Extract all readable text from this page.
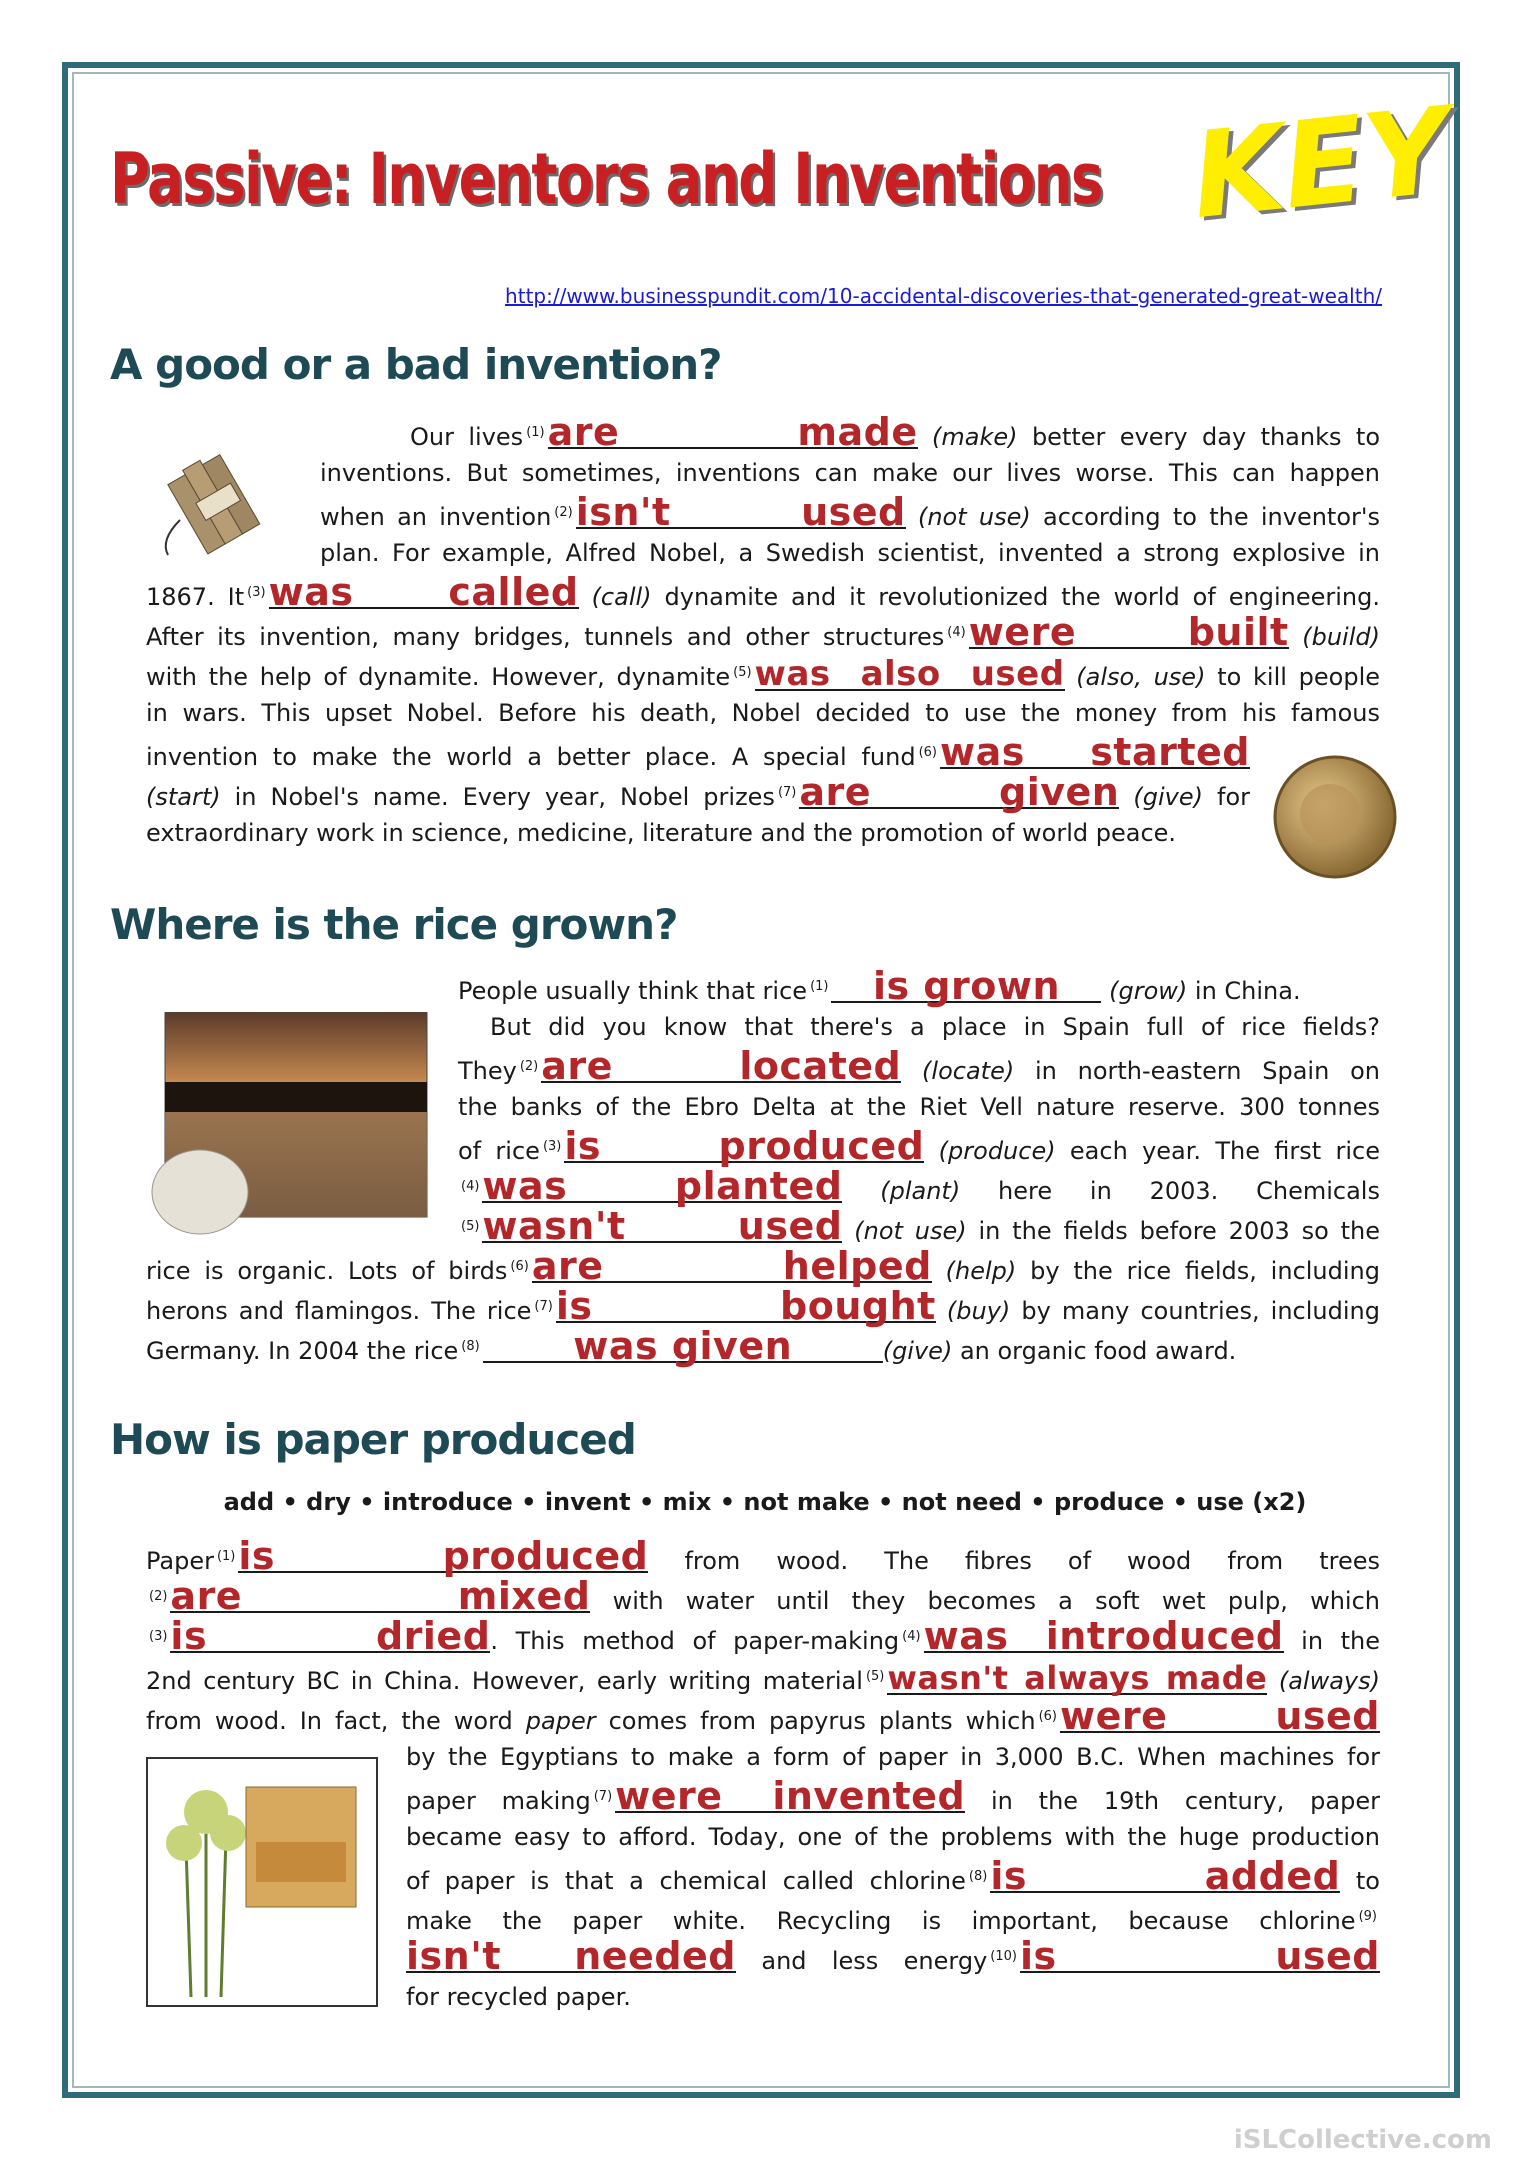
Passive: Inventors and Inventions KEY
http://www.businesspundit.com/10-accidental-discoveries-that-generated-great-wealth/
A good or a bad invention?
Our lives $^{(1)}$are made (make) better every day thanks to
inventions. But sometimes, inventions can make our lives worse. This can happen
when an invention $^{(2)}$isn't used (not use) according to the inventor's
plan. For example, Alfred Nobel, a Swedish scientist, invented a strong explosive in
1867. It $^{(3)}$was called (call) dynamite and it revolutionized the world of engineering.
After its invention, many bridges, tunnels and other structures $^{(4)}$were built (build)
with the help of dynamite. However, dynamite $^{(5)}$was also used (also, use) to kill people
in wars. This upset Nobel. Before his death, Nobel decided to use the money from his famous
invention to make the world a better place. A special fund $^{(6)}$was started
(start) in Nobel's name. Every year, Nobel prizes $^{(7)}$are given (give) for
extraordinary work in science, medicine, literature and the promotion of world peace.
Where is the rice grown?
People usually think that rice $^{(1)}$ is grown (grow) in China.
But did you know that there's a place in Spain full of rice fields?
They $^{(2)}$are located (locate) in north-eastern Spain on
the banks of the Ebro Delta at the Riet Vell nature reserve. 300 tonnes
of rice $^{(3)}$is produced (produce) each year. The first rice
$^{(4)}$was planted (plant) here in 2003. Chemicals
$^{(5)}$wasn't used (not use) in the fields before 2003 so the
rice is organic. Lots of birds $^{(6)}$are helped (help) by the rice fields, including
herons and flamingos. The rice $^{(7)}$is bought (buy) by many countries, including
Germany. In 2004 the rice $^{(8)}$ was given	(give) an organic food award.
How is paper produced
add • dry • introduce • invent • mix • not make • not need • produce • use (x2)
Paper $^{(1)}$is produced from wood. The fibres of wood from trees
$^{(2)}$are mixed with water until they becomes a soft wet pulp, which
$^{(3)}$is dried. This method of paper-making $^{(4)}$was introduced in the
2nd century BC in China. However, early writing material $^{(5)}$wasn't always made (always)
from wood. In fact, the word paper comes from papyrus plants which $^{(6)}$were used
by the Egyptians to make a form of paper in 3,000 B.C. When machines for
paper making $^{(7)}$were invented in the 19th century, paper
became easy to afford. Today, one of the problems with the huge production
of paper is that a chemical called chlorine $^{(8)}$is added to
make the paper white. Recycling is important, because chlorine $^{(9)}$
isn't needed and less energy $^{(10)}$is used
for recycled paper.
iSLCollective.com
